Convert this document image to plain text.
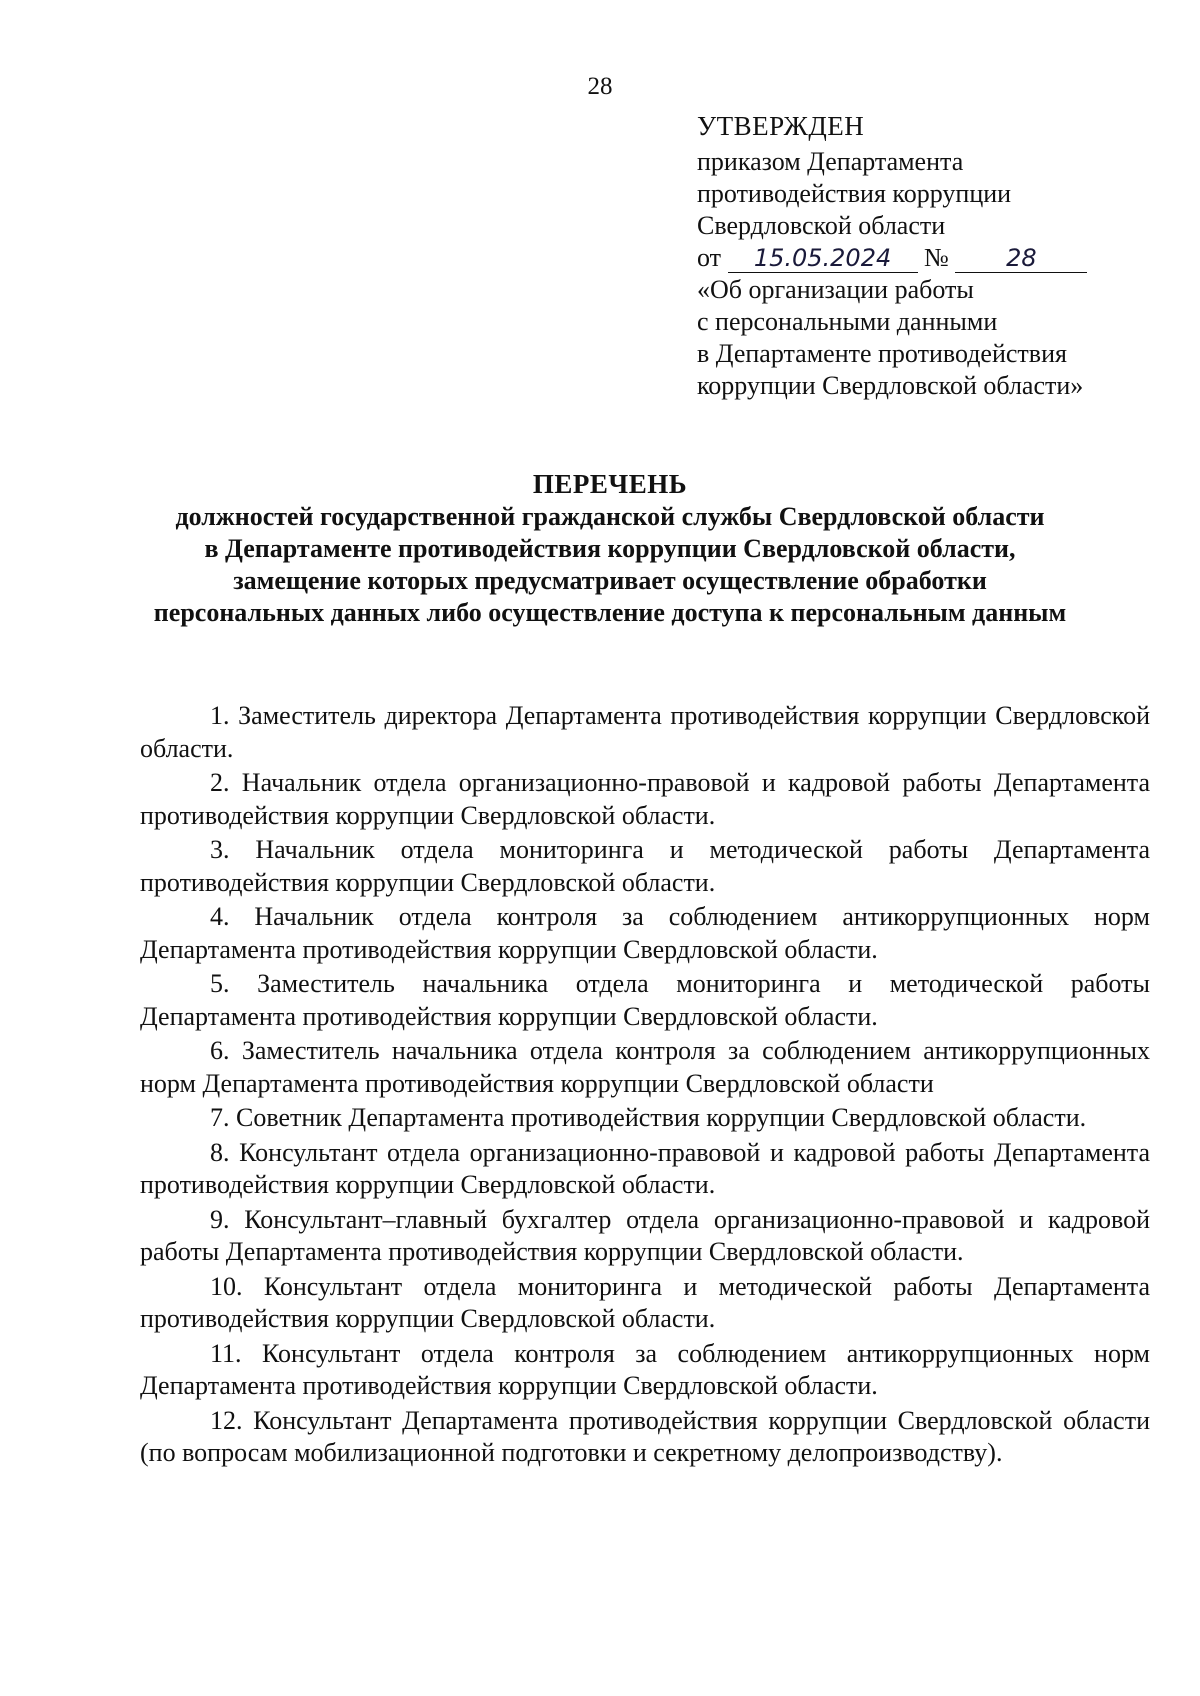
28
УТВЕРЖДЕН
приказом Департамента
противодействия коррупции
Свердловской области
от 15.05.2024 № 28
«Об организации работы
с персональными данными
в Департаменте противодействия
коррупции Свердловской области»
ПЕРЕЧЕНЬ
должностей государственной гражданской службы Свердловской области
в Департаменте противодействия коррупции Свердловской области,
замещение которых предусматривает осуществление обработки
персональных данных либо осуществление доступа к персональным данным

1. Заместитель директора Департамента противодействия коррупции Свердловской области.

2. Начальник отдела организационно-правовой и кадровой работы Департамента противодействия коррупции Свердловской области.

3. Начальник отдела мониторинга и методической работы Департамента противодействия коррупции Свердловской области.

4. Начальник отдела контроля за соблюдением антикоррупционных норм Департамента противодействия коррупции Свердловской области.

5. Заместитель начальника отдела мониторинга и методической работы Департамента противодействия коррупции Свердловской области.

6. Заместитель начальника отдела контроля за соблюдением антикоррупционных норм Департамента противодействия коррупции Свердловской области

7. Советник Департамента противодействия коррупции Свердловской области.

8. Консультант отдела организационно-правовой и кадровой работы Департамента противодействия коррупции Свердловской области.

9. Консультант–главный бухгалтер отдела организационно-правовой и кадровой работы Департамента противодействия коррупции Свердловской области.

10. Консультант отдела мониторинга и методической работы Департамента противодействия коррупции Свердловской области.

11. Консультант отдела контроля за соблюдением антикоррупционных норм Департамента противодействия коррупции Свердловской области.

12. Консультант Департамента противодействия коррупции Свердловской области (по вопросам мобилизационной подготовки и секретному делопроизводству).
